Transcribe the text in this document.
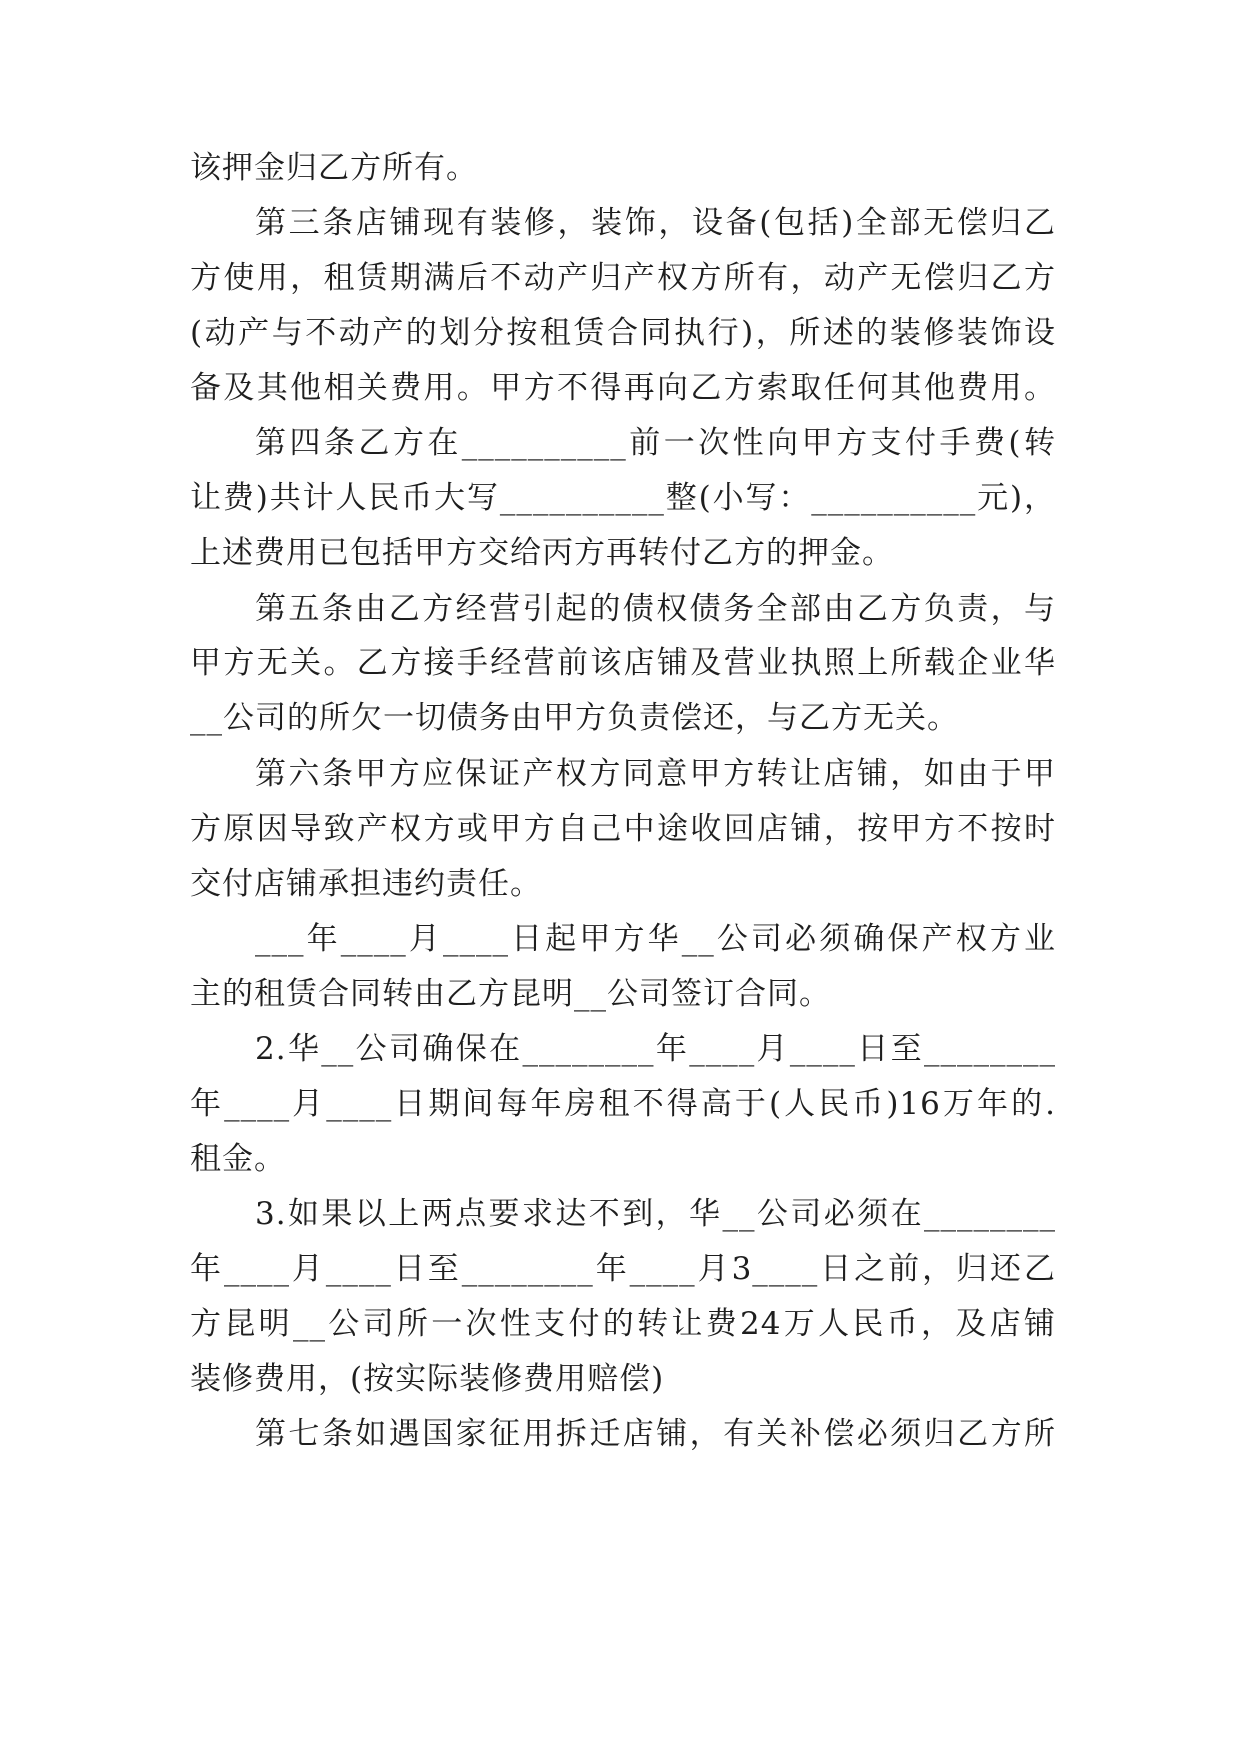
该押金归乙方所有。
第三条店铺现有装修，装饰，设备(包括)全部无偿归乙
方使用，租赁期满后不动产归产权方所有，动产无偿归乙方
(动产与不动产的划分按租赁合同执行)，所述的装修装饰设
备及其他相关费用。甲方不得再向乙方索取任何其他费用。
第四条乙方在__________前一次性向甲方支付手费(转
让费)共计人民币大写__________整(小写：__________元)，
上述费用已包括甲方交给丙方再转付乙方的押金。
第五条由乙方经营引起的债权债务全部由乙方负责，与
甲方无关。乙方接手经营前该店铺及营业执照上所载企业华
__公司的所欠一切债务由甲方负责偿还，与乙方无关。
第六条甲方应保证产权方同意甲方转让店铺，如由于甲
方原因导致产权方或甲方自己中途收回店铺，按甲方不按时
交付店铺承担违约责任。
___年____月____日起甲方华__公司必须确保产权方业
主的租赁合同转由乙方昆明__公司签订合同。
2.华__公司确保在________年____月____日至________
年____月____日期间每年房租不得高于(人民币)16万年的.
租金。
3.如果以上两点要求达不到，华__公司必须在________
年____月____日至________年____月3____日之前，归还乙
方昆明__公司所一次性支付的转让费24万人民币，及店铺
装修费用，(按实际装修费用赔偿)
第七条如遇国家征用拆迁店铺，有关补偿必须归乙方所
